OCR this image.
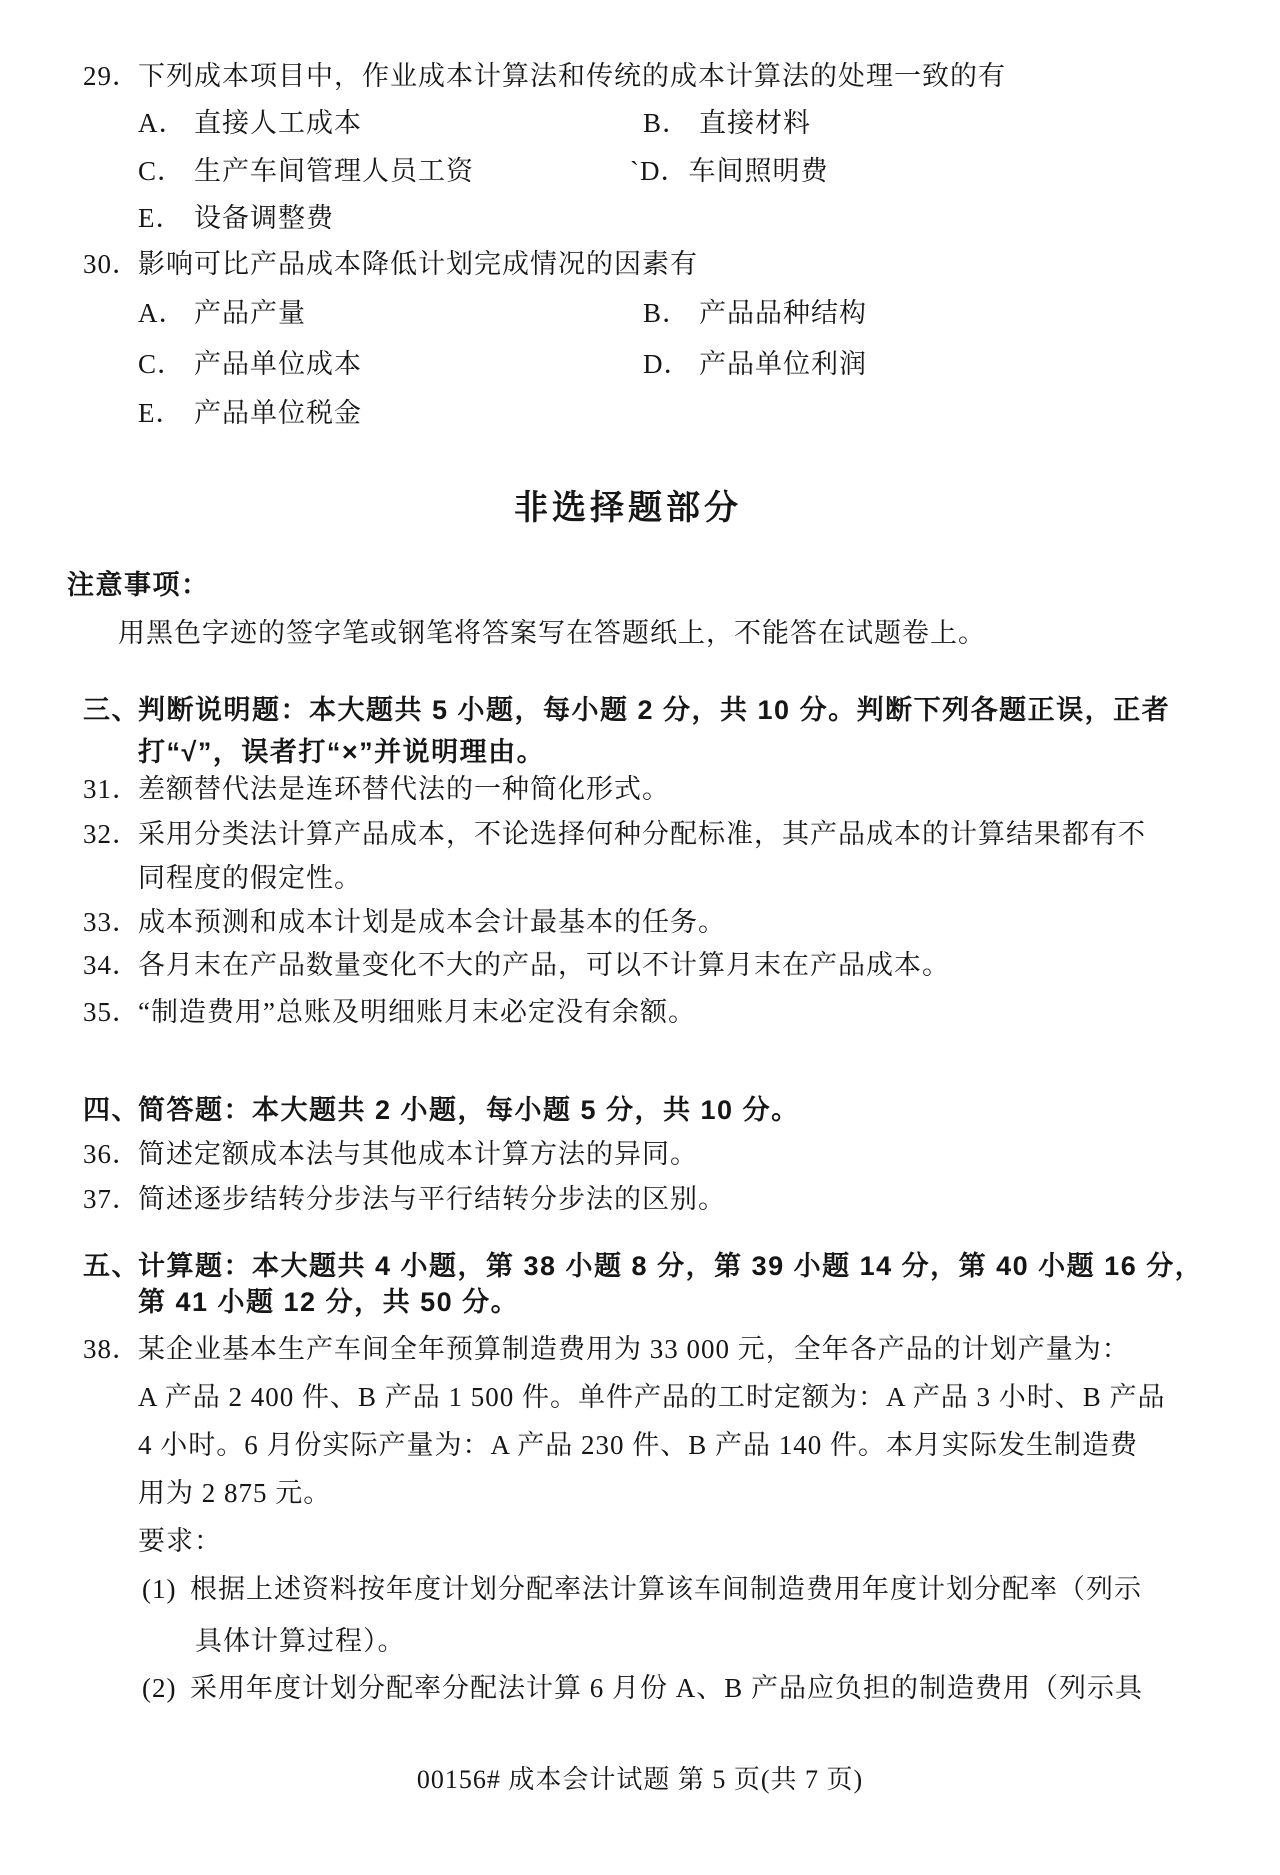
29．下列成本项目中，作业成本计算法和传统的成本计算法的处理一致的有
A． 直接人工成本	B． 直接材料
C． 生产车间管理人员工资	`D．车间照明费
E． 设备调整费
30．影响可比产品成本降低计划完成情况的因素有
A． 产品产量	B． 产品品种结构
C． 产品单位成本	D． 产品单位利润
E． 产品单位税金
非选择题部分
注意事项：
用黑色字迹的签字笔或钢笔将答案写在答题纸上，不能答在试题卷上。
三、判断说明题：本大题共 5 小题，每小题 2 分，共 10 分。判断下列各题正误，正者
打“√”，误者打“×”并说明理由。
31．差额替代法是连环替代法的一种简化形式。
32．采用分类法计算产品成本，不论选择何种分配标准，其产品成本的计算结果都有不
同程度的假定性。
33．成本预测和成本计划是成本会计最基本的任务。
34．各月末在产品数量变化不大的产品，可以不计算月末在产品成本。
35．“制造费用”总账及明细账月末必定没有余额。
四、简答题：本大题共 2 小题，每小题 5 分，共 10 分。
36．简述定额成本法与其他成本计算方法的异同。
37．简述逐步结转分步法与平行结转分步法的区别。
五、计算题：本大题共 4 小题，第 38 小题 8 分，第 39 小题 14 分，第 40 小题 16 分，
第 41 小题 12 分，共 50 分。
38．某企业基本生产车间全年预算制造费用为 33 000 元，全年各产品的计划产量为：
A 产品 2 400 件、B 产品 1 500 件。单件产品的工时定额为：A 产品 3 小时、B 产品
4 小时。6 月份实际产量为：A 产品 230 件、B 产品 140 件。本月实际发生制造费
用为 2 875 元。
要求：
(1) 根据上述资料按年度计划分配率法计算该车间制造费用年度计划分配率（列示
具体计算过程）。
(2) 采用年度计划分配率分配法计算 6 月份 A、B 产品应负担的制造费用（列示具
00156# 成本会计试题 第 5 页(共 7 页)
